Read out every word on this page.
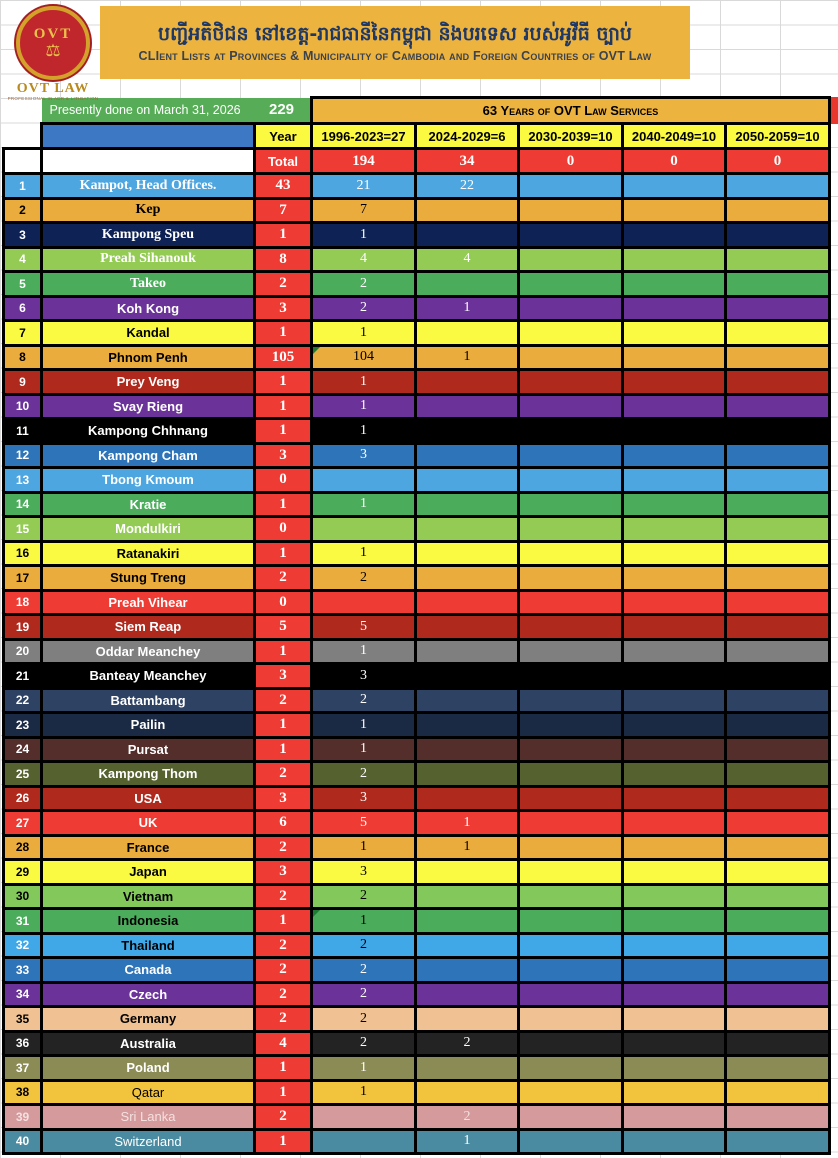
OVT
⚖
OVT LAW
PROFESSIONAL IN ADR & LITIGATION
បញ្ជីអតិថិជន នៅខេត្ត-រាជធានីនៃកម្ពុជា និងបរទេស របស់អូវីធី ច្បាប់
CLIent Lists at Provinces & Municipality of Cambodia and Foreign Countries of OVT Law

	Presently done on March 31, 2026 229		63 Years of OVT Law Services				
		Year	1996-2023=27	2024-2029=6	2030-2039=10	2040-2049=10	2050-2059=10
		Total	194	34	0	0	0
1	Kampot, Head Offices.	43	21	22			
2	Kep	7	7				
3	Kampong Speu	1	1				
4	Preah Sihanouk	8	4	4			
5	Takeo	2	2				
6	Koh Kong	3	2	1			
7	Kandal	1	1				
8	Phnom Penh	105	104	1			
9	Prey Veng	1	1				
10	Svay Rieng	1	1				
11	Kampong Chhnang	1	1				
12	Kampong Cham	3	3				
13	Tbong Kmoum	0					
14	Kratie	1	1				
15	Mondulkiri	0					
16	Ratanakiri	1	1				
17	Stung Treng	2	2				
18	Preah Vihear	0					
19	Siem Reap	5	5				
20	Oddar Meanchey	1	1				
21	Banteay Meanchey	3	3				
22	Battambang	2	2				
23	Pailin	1	1				
24	Pursat	1	1				
25	Kampong Thom	2	2				
26	USA	3	3				
27	UK	6	5	1			
28	France	2	1	1			
29	Japan	3	3				
30	Vietnam	2	2				
31	Indonesia	1	1

32	Thailand	2	2				
33	Canada	2	2				
34	Czech	2	2				
35	Germany	2	2				
36	Australia	4	2	2			
37	Poland	1	1				
38	Qatar	1	1				
39	Sri Lanka	2		2			
40	Switzerland	1		1			
